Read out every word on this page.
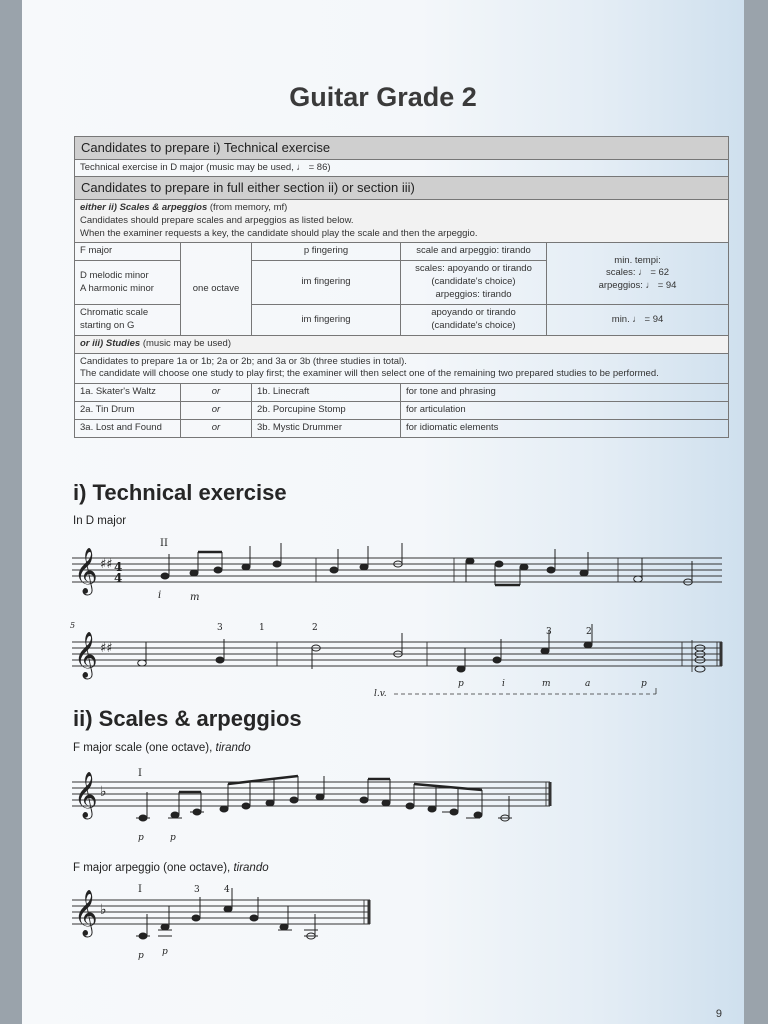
Guitar Grade 2
Candidates to prepare i) Technical exercise				
Technical exercise in D major (music may be used, ♩ = 86)				
Candidates to prepare in full either section ii) or section iii)				
either ii) Scales & arpeggios (from memory, mf)
Candidates should prepare scales and arpeggios as listed below.
When the examiner requests a key, the candidate should play the scale and then the arpeggio.				
F major	one octave	p fingering	scale and arpeggio: tirando	min. tempi:
scales: ♩ = 62
arpeggios: ♩ = 94
D melodic minor
A harmonic minor		im fingering	scales: apoyando or tirando
(candidate's choice)
arpeggios: tirando	
Chromatic scale
starting on G		im fingering	apoyando or tirando
(candidate's choice)	min. ♩ = 94
or iii) Studies (music may be used)				
Candidates to prepare 1a or 1b; 2a or 2b; and 3a or 3b (three studies in total).
The candidate will choose one study to play first; the examiner will then select one of the remaining two prepared studies to be performed.				
1a. Skater's Waltz	or	1b. Linecraft	for tone and phrasing	
2a. Tin Drum	or	2b. Porcupine Stomp	for articulation	
3a. Lost and Found	or	3b. Mystic Drummer	for idiomatic elements	
i) Technical exercise
In D major
𝄞 ♯♯ 4
4
II
i	m
5
𝄞 ♯♯
3	1	2	3	2
p	i	m	a	p
l.v.
ii) Scales & arpeggios
F major scale (one octave), tirando
𝄞 ♭
I
p	p
F major arpeggio (one octave), tirando
𝄞 ♭
I	3	4
p p
9
